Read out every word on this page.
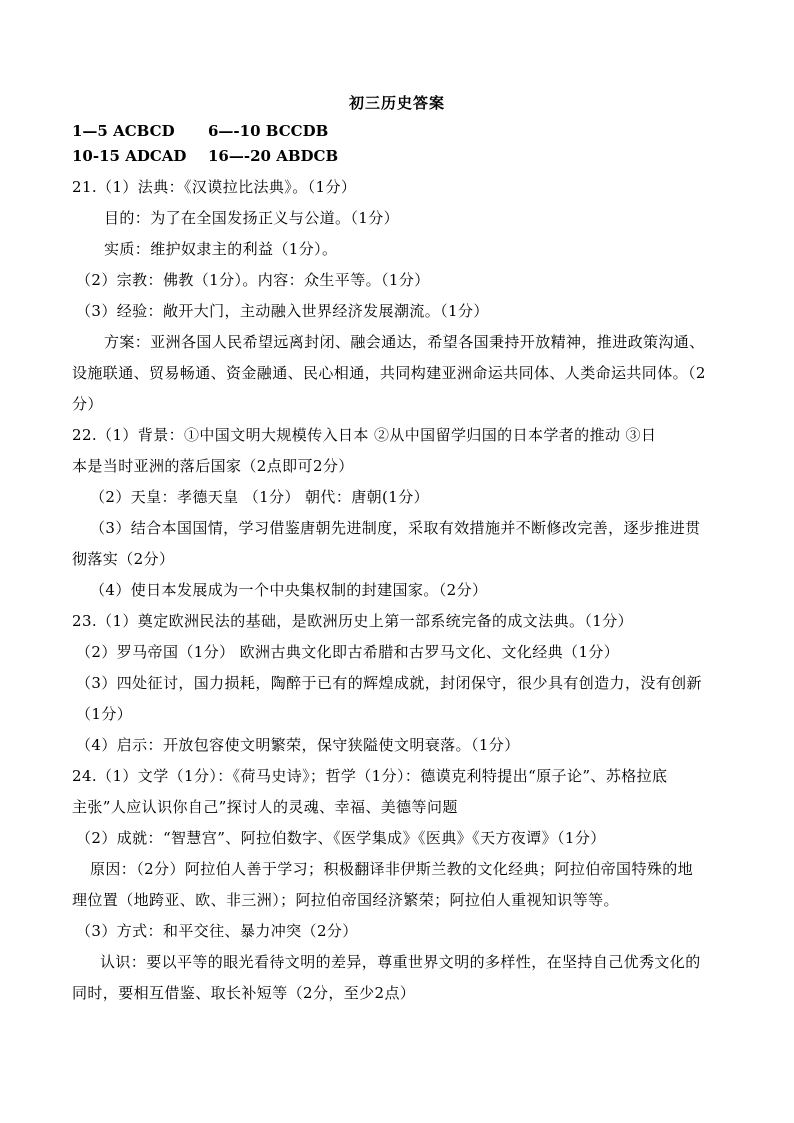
初三历史答案
1—5 ACBCD 6—-10 BCCDB
10-15 ADCAD 16—-20 ABDCB
21.（1）法典：《汉谟拉比法典》。（1分）
目的：为了在全国发扬正义与公道。（1分）
实质：维护奴隶主的利益（1分）。
（2）宗教：佛教（1分）。内容：众生平等。（1分）
（3）经验：敞开大门，主动融入世界经济发展潮流。（1分）
方案：亚洲各国人民希望远离封闭、融会通达，希望各国秉持开放精神，推进政策沟通、
设施联通、贸易畅通、资金融通、民心相通，共同构建亚洲命运共同体、人类命运共同体。（2
分）
22.（1）背景：①中国文明大规模传入日本 ②从中国留学归国的日本学者的推动 ③日
本是当时亚洲的落后国家（2点即可2分）
（2）天皇：孝德天皇 （1分） 朝代：唐朝(1分）
（3）结合本国国情，学习借鉴唐朝先进制度，采取有效措施并不断修改完善，逐步推进贯
彻落实（2分）
（4）使日本发展成为一个中央集权制的封建国家。（2分）
23.（1）奠定欧洲民法的基础，是欧洲历史上第一部系统完备的成文法典。（1分）
（2）罗马帝国（1分） 欧洲古典文化即古希腊和古罗马文化、文化经典（1分）
（3）四处征讨，国力损耗，陶醉于已有的辉煌成就，封闭保守，很少具有创造力，没有创新
（1分）
（4）启示：开放包容使文明繁荣，保守狭隘使文明衰落。（1分）
24.（1）文学（1分）：《荷马史诗》；哲学（1分）：德谟克利特提出“原子论”、苏格拉底
主张”人应认识你自己”探讨人的灵魂、幸福、美德等问题
（2）成就：“智慧宫”、阿拉伯数字、《医学集成》《医典》《天方夜谭》（1分）
原因：（2分）阿拉伯人善于学习；积极翻译非伊斯兰教的文化经典；阿拉伯帝国特殊的地
理位置（地跨亚、欧、非三洲）；阿拉伯帝国经济繁荣；阿拉伯人重视知识等等。
（3）方式：和平交往、暴力冲突（2分）
认识：要以平等的眼光看待文明的差异，尊重世界文明的多样性，在坚持自己优秀文化的
同时，要相互借鉴、取长补短等（2分，至少2点）
